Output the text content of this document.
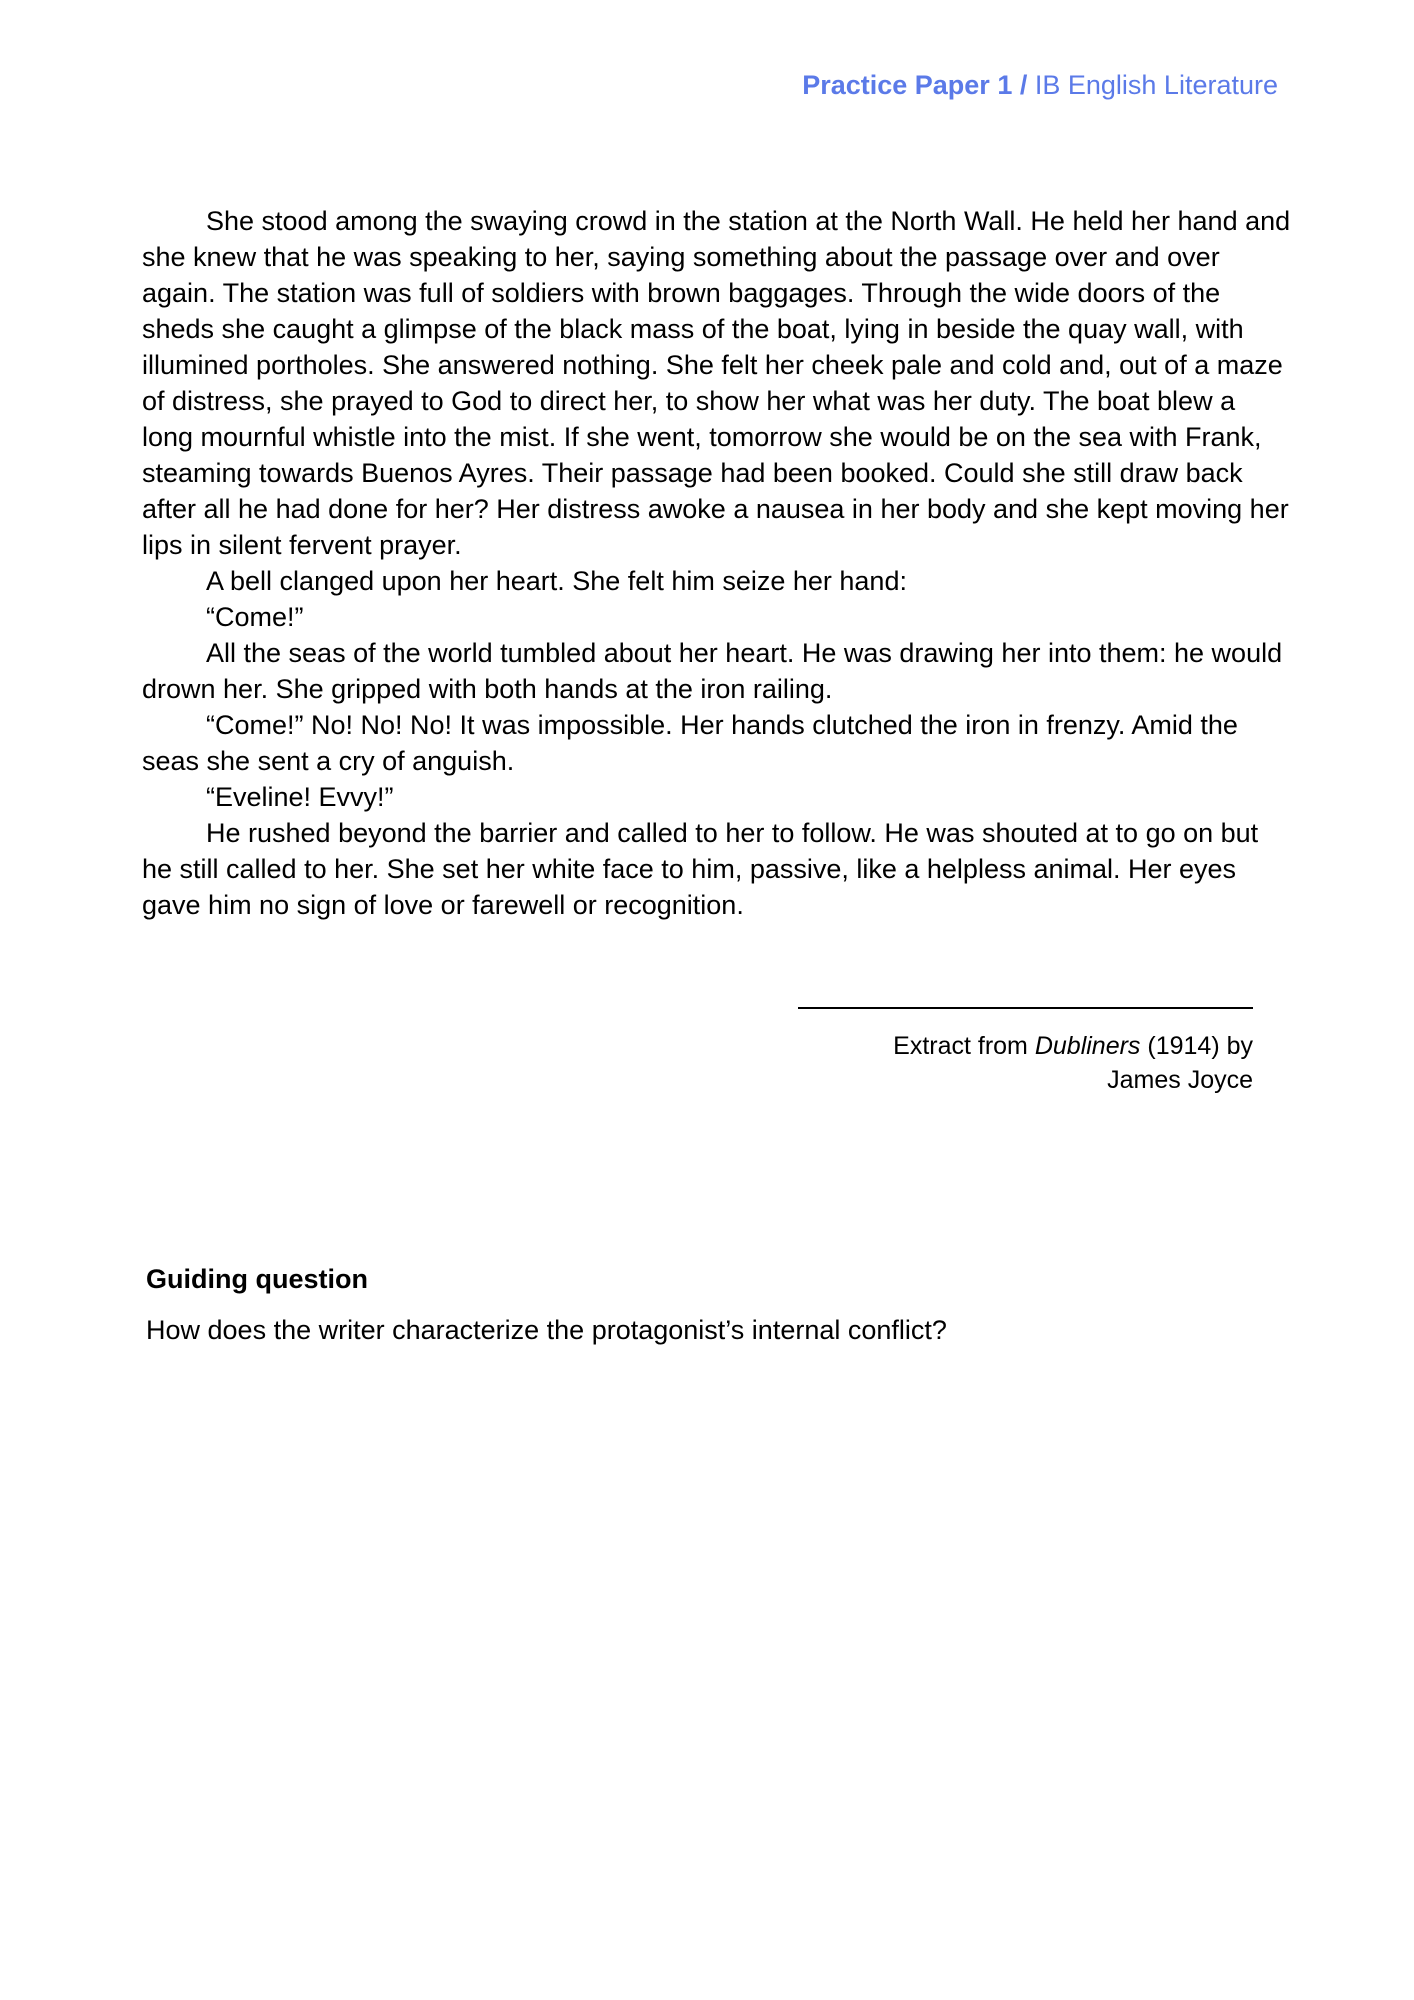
Practice Paper 1 / IB English Literature

She stood among the swaying crowd in the station at the North Wall. He held her hand and she knew that he was speaking to her, saying something about the passage over and over again. The station was full of soldiers with brown baggages. Through the wide doors of the sheds she caught a glimpse of the black mass of the boat, lying in beside the quay wall, with illumined portholes. She answered nothing. She felt her cheek pale and cold and, out of a maze of distress, she prayed to God to direct her, to show her what was her duty. The boat blew a long mournful whistle into the mist. If she went, tomorrow she would be on the sea with Frank, steaming towards Buenos Ayres. Their passage had been booked. Could she still draw back after all he had done for her? Her distress awoke a nausea in her body and she kept moving her lips in silent fervent prayer.

A bell clanged upon her heart. She felt him seize her hand:

“Come!”

All the seas of the world tumbled about her heart. He was drawing her into them: he would drown her. She gripped with both hands at the iron railing.

“Come!” No! No! No! It was impossible. Her hands clutched the iron in frenzy. Amid the seas she sent a cry of anguish.

“Eveline! Evvy!”

He rushed beyond the barrier and called to her to follow. He was shouted at to go on but he still called to her. She set her white face to him, passive, like a helpless animal. Her eyes gave him no sign of love or farewell or recognition.

Extract from Dubliners (1914) by
James Joyce
Guiding question
How does the writer characterize the protagonist’s internal conflict?
